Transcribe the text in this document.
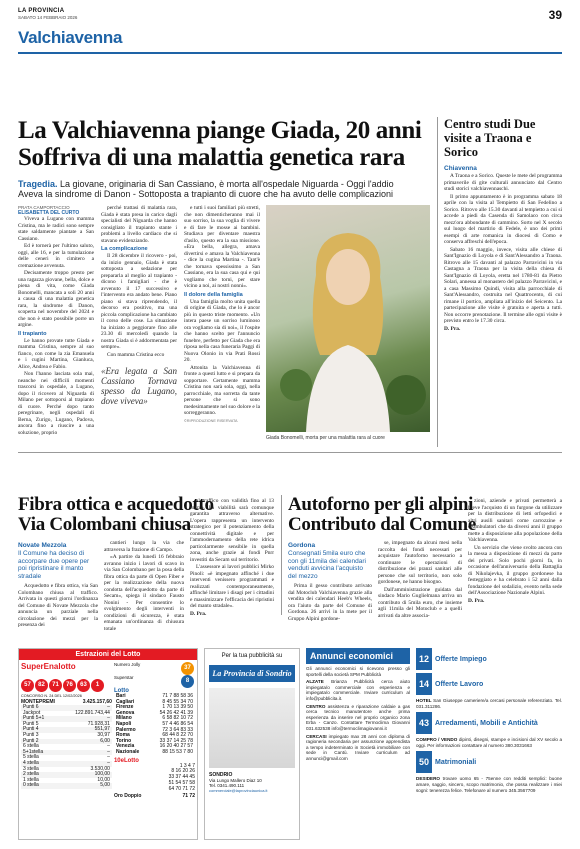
LA PROVINCIA
SABATO 14 FEBBRAIO 2026	39
Valchiavenna
La Valchiavenna piange Giada, 20 anni
Soffriva di una malattia genetica rara
Tragedia. La giovane, originaria di San Cassiano, è morta all'ospedale Niguarda - Oggi l'addio
Aveva la sindrome di Danon - Sottoposta a trapianto di cuore che ha avuto delle complicazioni
PRATA CAMPORTACCIO
ELISABETTA DEL CURTO

Viveva a Lugano con mamma Cristina, ma le radici sono sempre state saldamente piantate a San Cassiano.

Ed è tornerà per l'ultimo saluto, oggi, alle 16, e per la tumulazione delle ceneri in cimitero a cremazione avvenuta.

Decisamente troppo presto per una ragazza giovane, bella, dolce e piena di vita, come Giada Bonomelli, mancata a soli 20 anni a causa di una malattia genetica rara, la sindrome di Danon, scoperta nel novembre del 2024 e che non è stato possibile porre un argine.

Il trapianto

Le hanno provate tutte Giada e mamma Cristina, sempre al suo fianco, con come la zia Emanuela e i cugini Martina, Gianluca, Alice, Andrea e Fabio.

Non l'hanno lasciata sola mai, neanche nei difficili momenti trascorsi in ospedale, a Lugano, dopo il ricovero al Niguarda di Milano per sottoporsi al trapianto di cuore. Perché dopo tanto peregrinare, negli ospedali di Berna, Zurigo, Lugano, Padova, ancora fino a riuscire a una soluzione, proprio

perché trattasi di malattia rara, Giada è stata presa in carico dagli specialisti del Niguarda che hanno consigliato il trapianto stante i problemi a livello cardiaco che si stavano evidenziando.

La complicazione

Il 28 dicembre il ricovero - poi, da inizio gennaio, Giada è stata sottoposta a sedazione per prepararla al meglio al trapianto - dicono i famigliari - che è avvenuto il 17 successivo e l'intervento era andato bene. Piano piano si stava riprendendo, il decorso era positivo, ma una piccola complicazione ha cambiato il corso delle cose. La situazione ha iniziato a peggiorare fino alle 23.30 di mercoledì quando la nostra Giada si è addormentata per sempre».

Con mamma Cristina ecco

«Era legata a San Cassiano Tornava spesso da Lugano, dove viveva»

e tutti i suoi familiari più stretti, che non dimenticheranno mai il suo sorriso, la sua voglia di vivere e di fare le mosse ai bambini. Studiava per diventare maestra d'asilo, questo era la sua missione. «Era bella, allegra, amava divertirsi e amava la Valchiavenna - dice la cugina Martina -. Tant'è che tornava spessissimo a San Cassiano, era la sua casa qui e qui vogliamo che torni, per stare vicino a noi, ai nostri nonni».

Il dolore della famiglia

Una famiglia molto unita quella di origine di Giada, che lo è ancor più in questo triste momento. «Un intera paese un sorriso luminoso ora vogliamo sia di noi», il l'ospite che hanno scelto per l'annuncio funebre, perfetto per Giada che era riposa nella casa funeraria Paggi di Nuova Olonio in via Prati Rossi 20.

Attonita la Valchiavenna di fronte a questi lutto e si prepara da sopportare. Certamente mamma Cristina non sarà sola, oggi, nella parrocchiale, ma sorretta da tante persone che si sono medesimamente nel suo dolore e la sorreggeranno.

©RIPRODUZIONE RISERVATA
Giada Bonomelli, morta per una malattia rara al cuore
Centro studi Due visite a Traona e Sorico
Chiavenna

A Traona e a Sorico. Queste le mete del programma primaverile di gite culturali annunciato dal Centro studi storici valchiavennaschi.

Il primo appuntamento è in programma sabato 18 aprile con la visita al Tempietto di San Fedelino a Sorico. Ritrovo alle 15.30 davanti al tempietto a cui si accede a piedi da Casenda di Samolaco con circa mezz'ora abbondante di cammino. Sorto nel X secolo sul luogo del martirio di Fedele, è uno dei primi esempi di arte romanica in diocesi di Como e conserva affreschi dell'epoca.

Sabato 16 maggio, invece, visita alle chiese di Sant'Ignazio di Loyola e di Sant'Alessandro a Traona. Ritrovo alle 15 davanti al palazzo Parravicini in via Castagna a Traona per la visita della chiesa di Sant'Ignazio di Loyola, eretta nel 1780-81 da Pietro Solari, annessa al monastero del palazzo Parravicini, e a casa Massimo Quindi, visita alla parrocchiale di Sant'Alessandro, costruita nel Quattrocento, di cui rimane il portico, ampliata all'inizio del Seicento. La partecipazione alle visite è gratuita e aperta a tutti. Non occorre prenotazione. Il termine alle ogni visite è previsto entro le 17.30 circa.

D. Pra.
Fibra ottica e acquedotto
Via Colombani chiusa
Novate Mezzola
Il Comune ha deciso di accorpare due opere per poi ripristinare il manto stradale

Acquedotto e fibra ottica, via San Colombano chiusa al traffico. Arrivata in questi giorni l'ordinanza del Comune di Novate Mezzola che annuncia un parziale nella circolazione dei mezzi per la presenza dei

cantieri lungo la via che attraversa la frazione di Campo.

«A partire da lunedì 16 febbraio avranno inizio i lavori di scavo in via San Colombano per la posa della fibra ottica da parte di Open Fiber e per la realizzazione della nuova condotta dell'acquedotto da parte di Secam», spiega il sindaco Fausto Nonini - Per consentire lo svolgimento degli interventi in condizioni di sicurezza, è stata emanata un'ordinanza di chiusura totale

al traffico con validità fino al 13 marzo. La viabilità sarà comunque garantita attraverso alternative. L'opera rappresenta un intervento strategico per il potenziamento della connettività digitale e per l'ammodernamento della rete idrica particolarmente sensibile in quella zona, anche grazie ai fondi Pnrr investiti da Secam sul territorio.

L'assessore ai lavori pubblici Mirko Pinoli: «è impegnato affinché i due interventi venissero programmati e realizzati contemporaneamente, affinché limitare i disagi per i cittadini e massimizzare l'efficacia dei ripristini del manto stradale».

D. Pra.
Autoforno per gli alpini
Contributo dal Comune
Gordona
Consegnati 5mila euro che con gli 11mila dei calendari venduti avvicina l'acquisto del mezzo

Prima il gesso contributo arrivato dal Motoclub Valchiavenna grazie alla vendita dei calendari Heeb's Wheels, ora l'aiuto da parte del Comune di Gordona. 26 arrivi in la mete per il Gruppo Alpini gordone-

se, impegnato da alcuni mesi nella raccolta dei fondi necessari per acquistare l'autoforno necessario a continuare le operazioni di distribuzione dei pranzi sanitari alle persone che sul territorio, non solo gordonese, ne hanno bisogno.

Dall'amministrazione guidata dal sindaco Mario Guglielmana arriva un contributo di 5mila euro, che insieme agli 11mila del Motoclub e a quelli arrivati da altre associa-

zioni, aziende e privati permetterà a breve l'acquisto di un furgone da utilizzare per la distribuzione di letti orfopedici e altri ausili sanitari come carrozzine e deambulatori che da diversi anni il gruppo mette a disposizione alla popolazione della Valchiavenna.

Un servizio che viene svolto ancora con la messa a disposizione di mezzi da parte dei privati. Solo pochi giorni fa, in occasione dell'anniversario della Battaglia di Nikolajevka, il gruppo gordonese ha festeggiato e ha celebrato i 52 anni dalla fondazione del sodalizio, evento nella sede dell'Associazione Nazionale Alpini.

D. Pra.
Estrazioni del Lotto
SuperEnalotto
57 82 71 76 63 1
CONCORSO N. 24 DEL 12/02/2026
MONTEPREMI	3.425.157,60
Punti 6	–
Jackpot	122.891.743,44
Punti 5+1	–
Punti 5	71.928,31
Punti 4	551,97
Punti 3	30,97
Punti 2	6,00
6 stella	–
5+1stella	–
5 stella	–
4 stella	–
3 stella	3.530,00
2 stella	100,00
1 stella	10,00
0 stella	5,00
Numero Jolly
37
Superstar
8
Lotto
Bari	71 7 88 58 36
Cagliari	8 45 55 34 70
Firenze	1 70 13 39 50
Genova	54 26 42 41 39
Milano	6 58 82 10 72
Napoli	57 4 46 86 54
Palermo	72 3 64 83 33
Roma	68 44 8 22 70
Torino	33 37 14 25 78
Venezia	16 20 40 27 57
Nazionale	88 15 53 7 80
10eLotto
1 3 4 7
8 16 20 26
33 37 44 45
51 54 57 58
64 70 71 72
Oro Doppio	71 72
Per la tua pubblicità su
La Provincia di Sondrio
SONDRIO
Via Lungo Mallero Diaz 10
Tel. 0341.490.111
commerciale@laprovinciaunica.it
Annunci economici
Gli annunci economici si ricevono presso gli sportelli della società SPM Pubblicità
ALZATE Brianza Pubblicità cerca aiuto impiegata/o commerciale con esperienza e impiegata/o commerciale. Inviare curriculum al info@pubblicita.it.
CENTRO assistenza e riparazione caldaie a gas cerca tecnico manutentore anche prima esperienza da inserire nel proprio organico zona Erba - Canzo. Contattare Termoclima Giovanni 031.632538 info@termoclimagiovanni.it
CERCASI impiegato max 28 anni con diploma di ragioneria secondaria per assunzione apprendista a tempo indeterminato in Società immobiliare con sede in Cantù. Inviare curriculum ad annunci@gmail.com
12 Offerte Impiego
14 Offerte Lavoro
HOTEL San Giuseppe cameriere/a cercasi personale referenziato. Tel. 031.311286.
43 Arredamenti, Mobili e Antichità
COMPRO / VENDO dipinti, disegni, stampe e incisioni dal XV secolo a oggi. Per informazioni contattare al numero 380.3031663
50 Matrimoniali
DESIDERO trovare uomo 65 - 75enne con redditi semplici: buone amare, saggio, sincero, scopo matrimonio, che possa realizzare i miei sogni: tenerezza felice. Telefonare al numero 345.3567709
